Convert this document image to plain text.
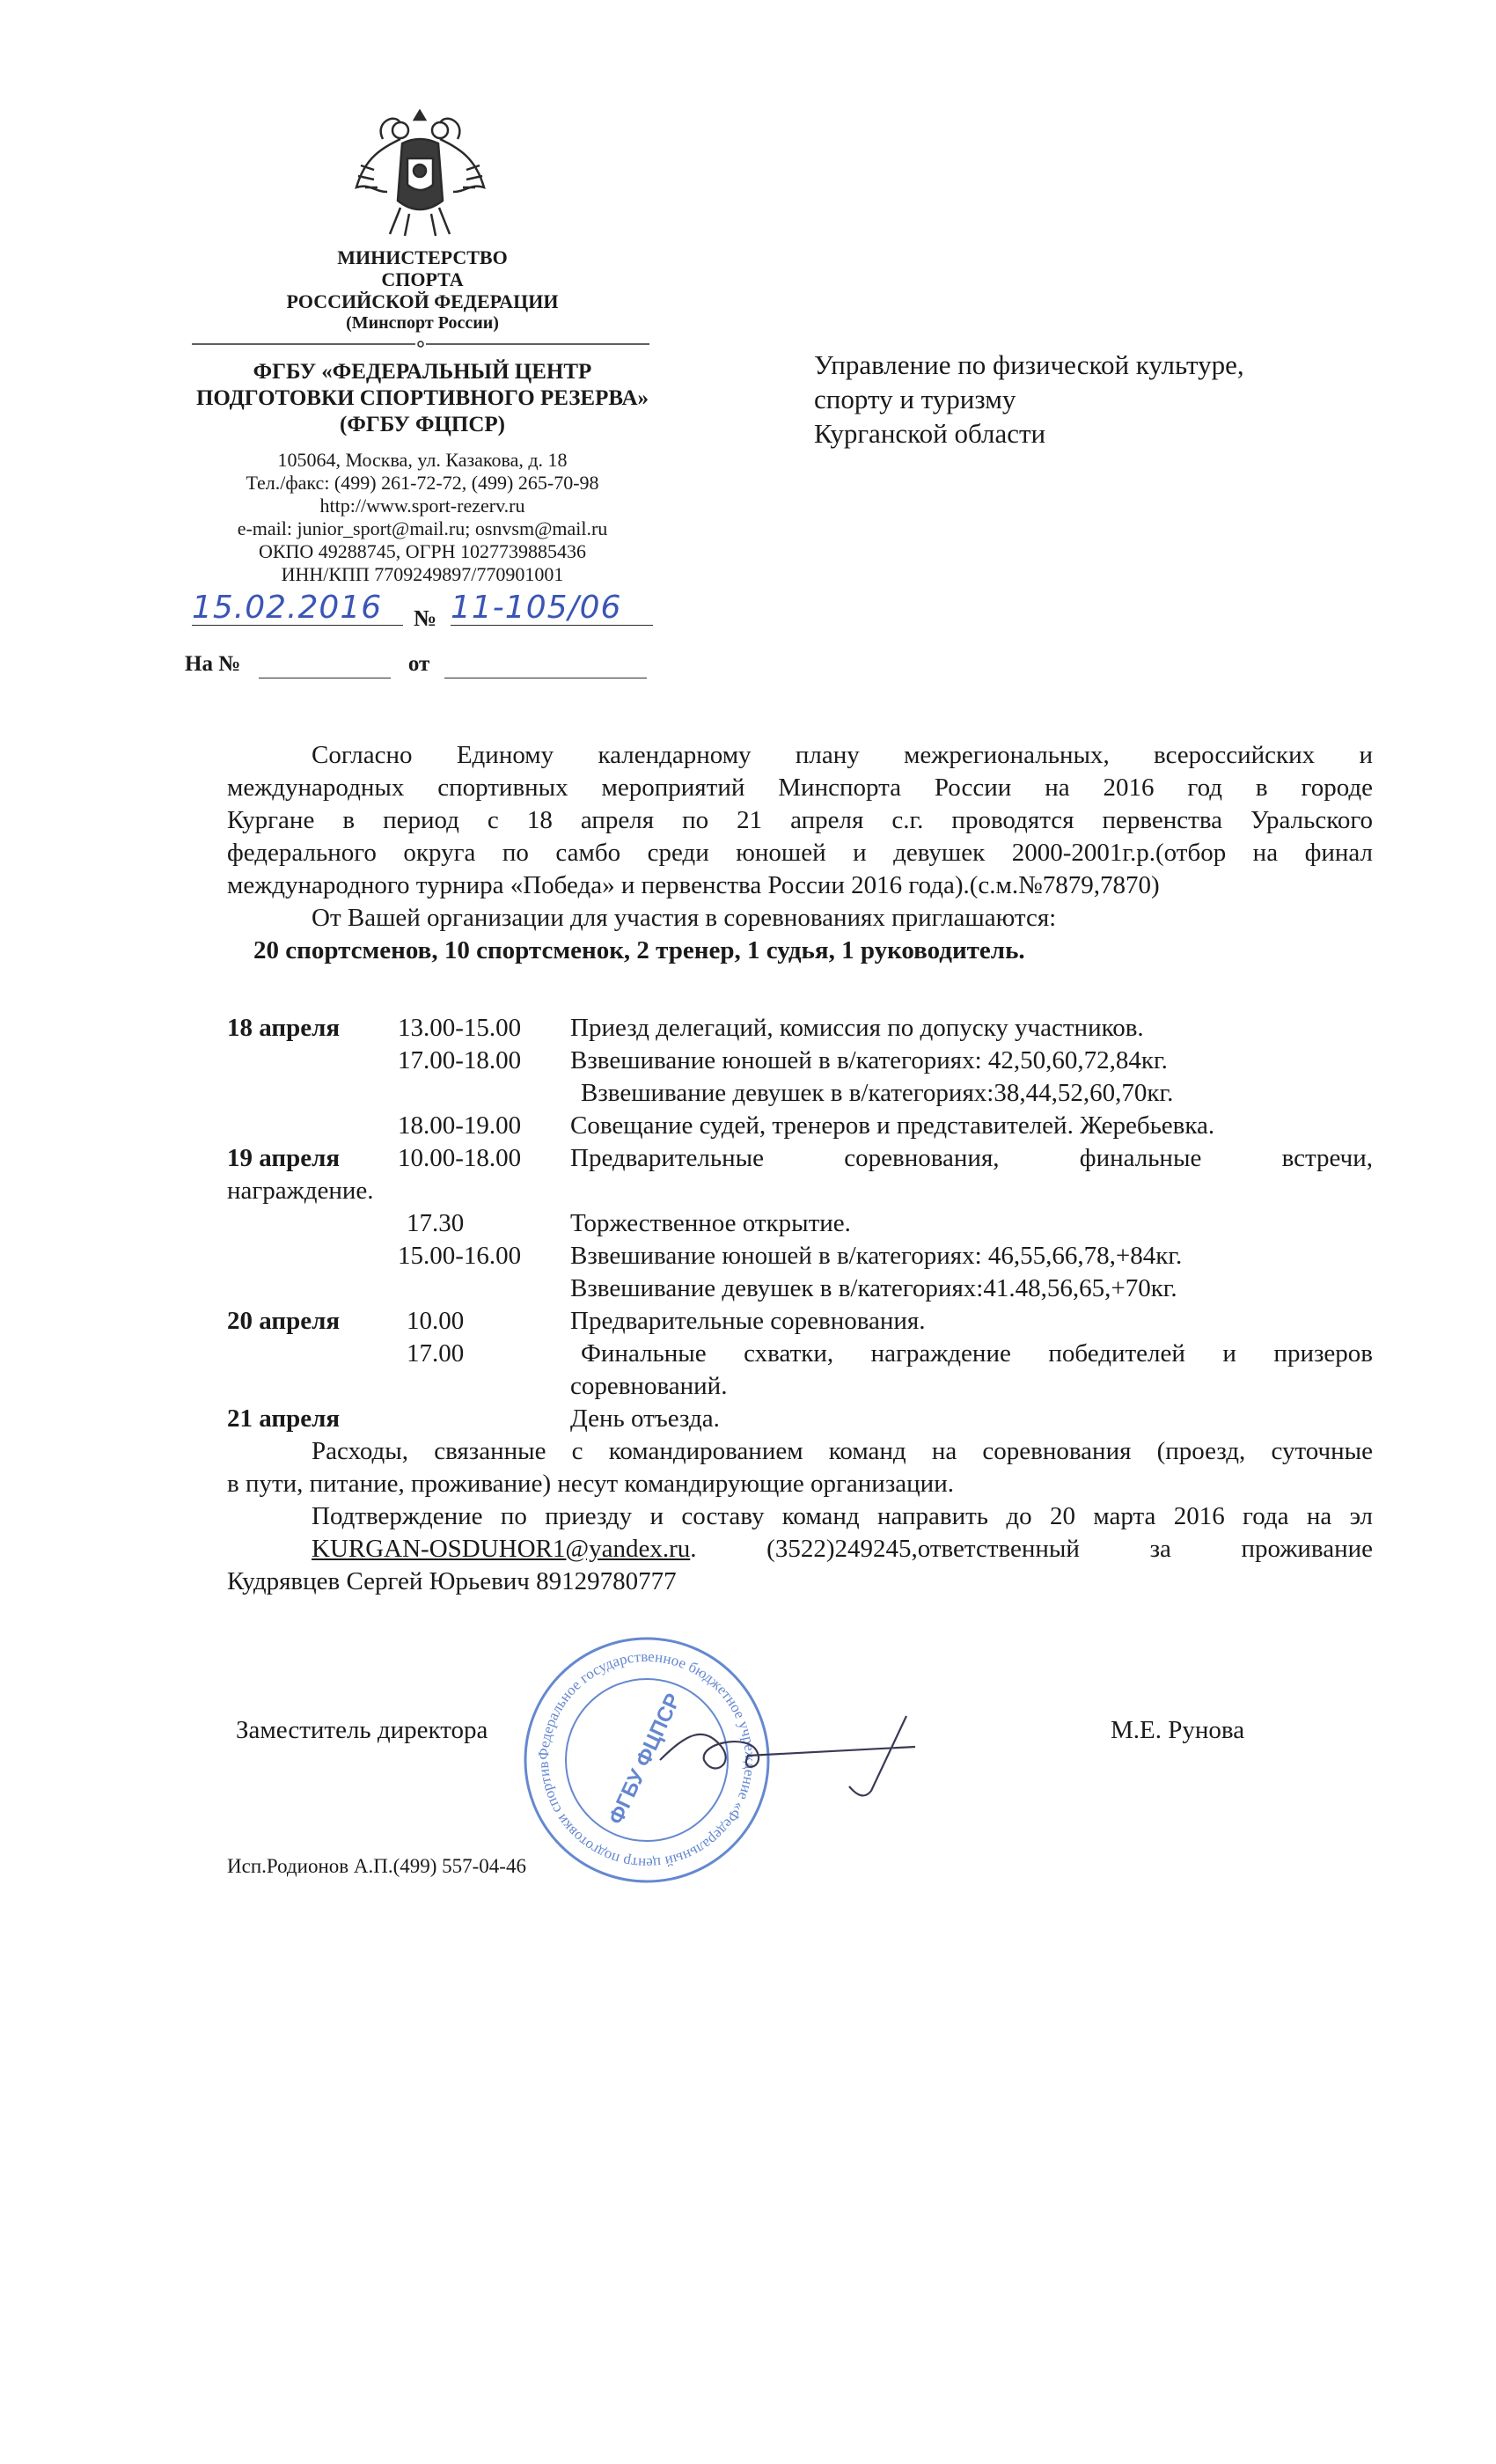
МИНИСТЕРСТВО
СПОРТА
РОССИЙСКОЙ ФЕДЕРАЦИИ
(Минспорт России)
ФГБУ «ФЕДЕРАЛЬНЫЙ ЦЕНТР
ПОДГОТОВКИ СПОРТИВНОГО РЕЗЕРВА»
(ФГБУ ФЦПСР)
105064, Москва, ул. Казакова, д. 18
Тел./факс: (499) 261-72-72, (499) 265-70-98
http://www.sport-rezerv.ru
e-mail: junior_sport@mail.ru; osnvsm@mail.ru
ОКПО 49288745, ОГРН 1027739885436
ИНН/КПП 7709249897/770901001
15.02.2016	№ 11-105/06
На №	от
Управление по физической культуре,
спорту и туризму
Курганской области
Согласно Единому календарному плану межрегиональных, всероссийских и
международных спортивных мероприятий Минспорта России на 2016 год в городе
Кургане в период с 18 апреля по 21 апреля с.г. проводятся первенства Уральского
федерального округа по самбо среди юношей и девушек 2000-2001г.р.(отбор на финал
международного турнира «Победа» и первенства России 2016 года).(с.м.№7879,7870)
От Вашей организации для участия в соревнованиях приглашаются:
20 спортсменов, 10 спортсменок, 2 тренер, 1 судья, 1 руководитель.
18 апреля 13.00-15.00 Приезд делегаций, комиссия по допуску участников.
17.00-18.00 Взвешивание юношей в в/категориях: 42,50,60,72,84кг.
Взвешивание девушек в в/категориях:38,44,52,60,70кг.
18.00-19.00 Совещание судей, тренеров и представителей. Жеребьевка.
19 апреля 10.00-18.00 Предварительные соревнования, финальные встречи,
награждение.
17.30	Торжественное открытие.
15.00-16.00 Взвешивание юношей в в/категориях: 46,55,66,78,+84кг.
Взвешивание девушек в в/категориях:41.48,56,65,+70кг.
20 апреля	10.00	Предварительные соревнования.
17.00	Финальные схватки, награждение победителей и призеров
соревнований.
21 апреля	День отъезда.
Расходы, связанные с командированием команд на соревнования (проезд, суточные
в пути, питание, проживание) несут командирующие организации.
Подтверждение по приезду и составу команд направить до 20 марта 2016 года на эл
KURGAN-OSDUHOR1@yandex.ru. (3522)249245,ответственный за проживание
Кудрявцев Сергей Юрьевич 89129780777
Федеральное государственное бюджетное учреждение «Федеральный центр подготовки спортив	ФГБУ ФЦПСР
Заместитель директора	М.Е. Рунова
Исп.Родионов А.П.(499) 557-04-46
